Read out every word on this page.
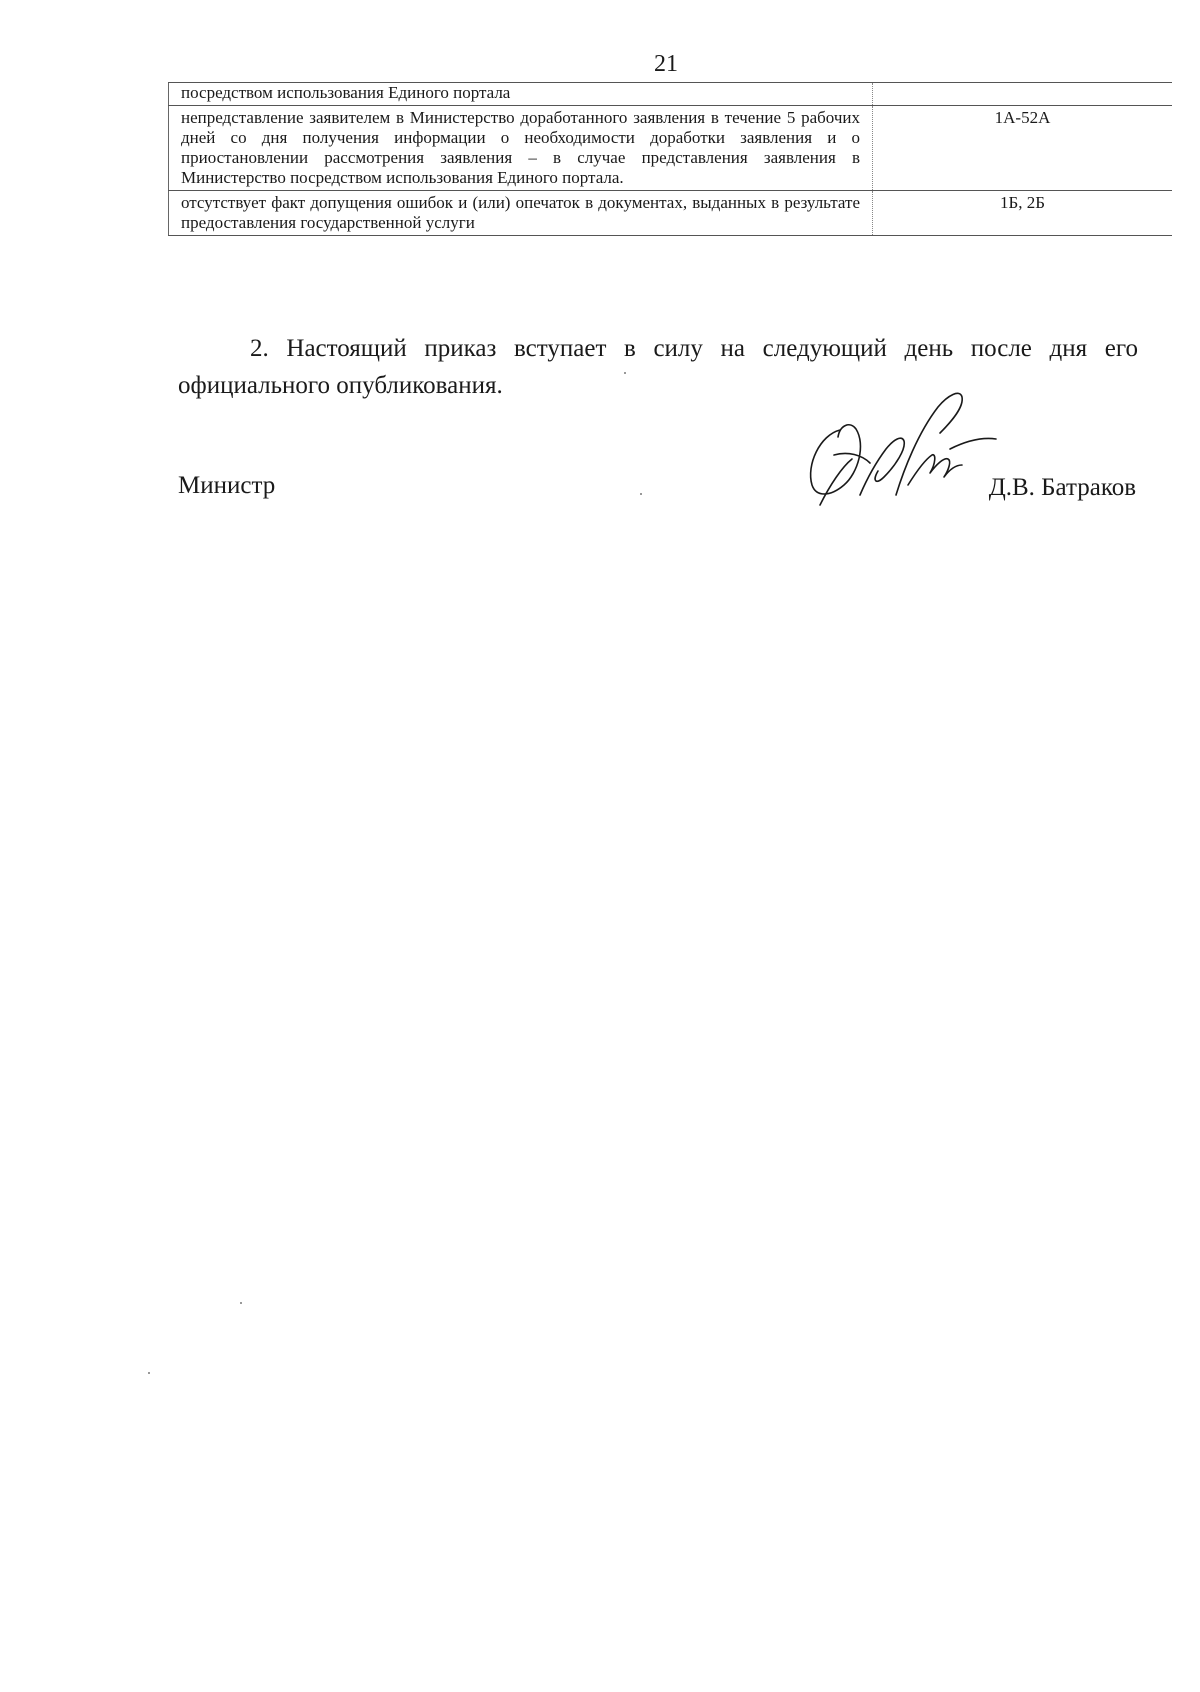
21
посредством использования Единого портала	
непредставление заявителем в Министерство доработанного заявления в течение 5 рабочих дней со дня получения информации о необходимости доработки заявления и о приостановлении рассмотрения заявления – в случае представления заявления в Министерство посредством использования Единого портала.	1А-52А
отсутствует факт допущения ошибок и (или) опечаток в документах, выданных в результате предоставления государственной услуги	1Б, 2Б

2. Настоящий приказ вступает в силу на следующий день после дня его официального опубликования.

Министр	Д.В. Батраков
